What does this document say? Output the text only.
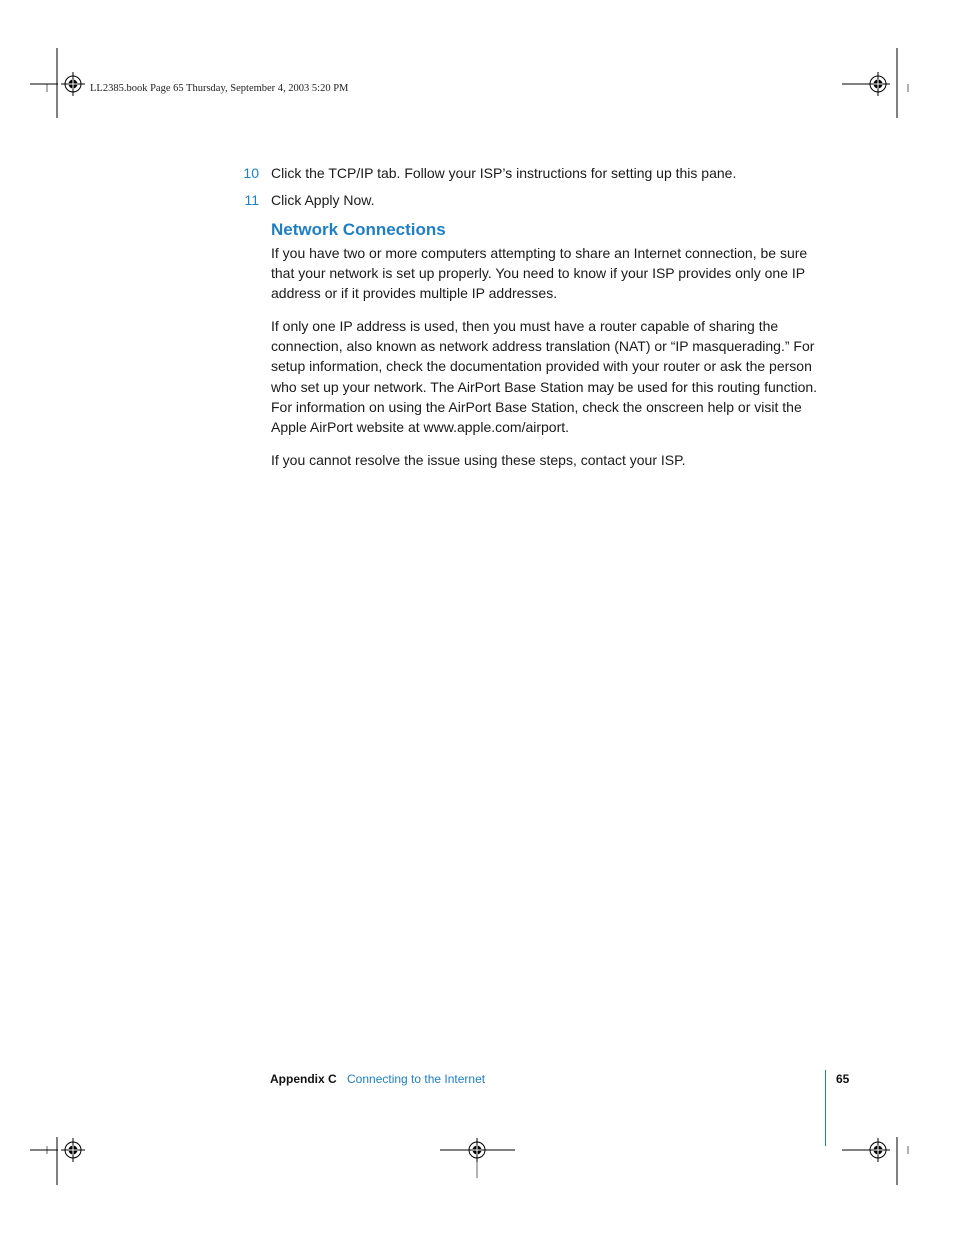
LL2385.book Page 65 Thursday, September 4, 2003 5:20 PM
10 Click the TCP/IP tab. Follow your ISP’s instructions for setting up this pane.
11 Click Apply Now.
Network Connections
If you have two or more computers attempting to share an Internet connection, be sure that your network is set up properly. You need to know if your ISP provides only one IP address or if it provides multiple IP addresses.
If only one IP address is used, then you must have a router capable of sharing the connection, also known as network address translation (NAT) or “IP masquerading.” For setup information, check the documentation provided with your router or ask the person who set up your network. The AirPort Base Station may be used for this routing function. For information on using the AirPort Base Station, check the onscreen help or visit the Apple AirPort website at www.apple.com/airport.
If you cannot resolve the issue using these steps, contact your ISP.
Appendix C Connecting to the Internet	65
